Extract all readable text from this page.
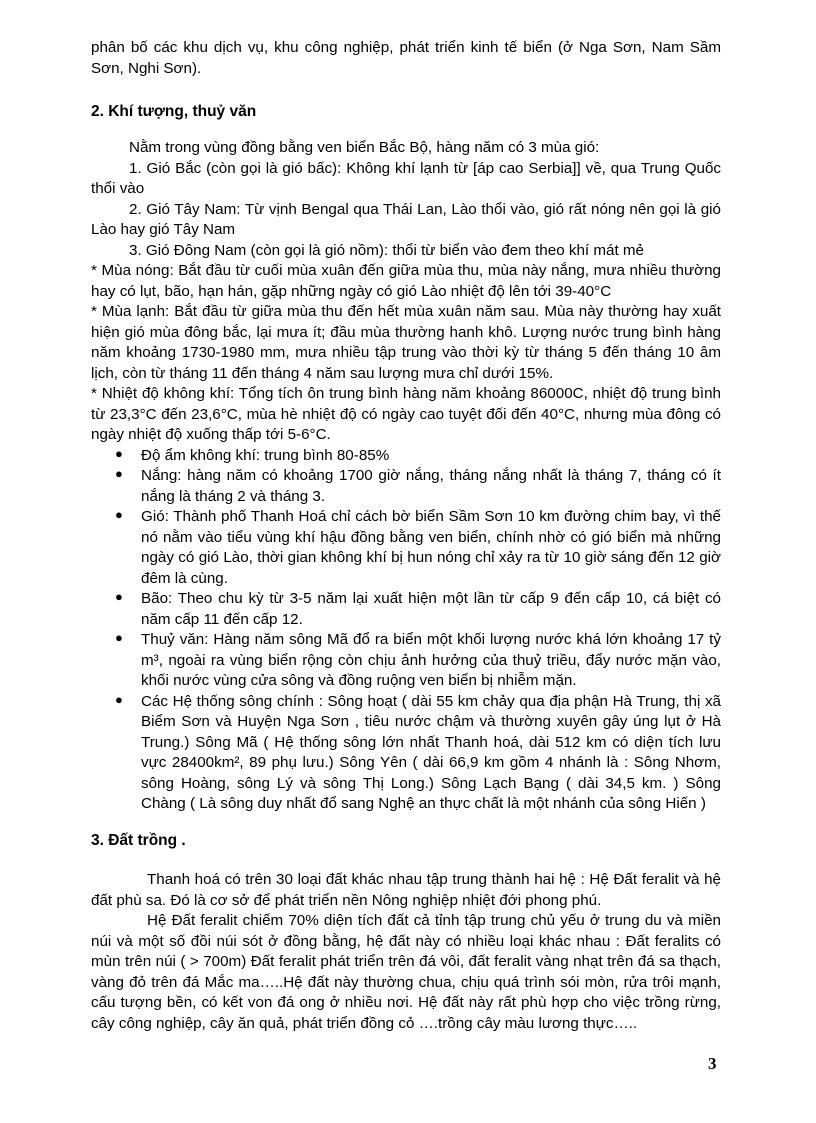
phân bố các khu dịch vụ, khu công nghiệp, phát triển kinh tế biển (ở Nga Sơn, Nam Sầm Sơn, Nghi Sơn).

2. Khí tượng, thuỷ văn

Nằm trong vùng đồng bằng ven biển Bắc Bộ, hàng năm có 3 mùa gió:

1. Gió Bắc (còn gọi là gió bấc): Không khí lạnh từ [áp cao Serbia]] về, qua Trung Quốc thổi vào

2. Gió Tây Nam: Từ vịnh Bengal qua Thái Lan, Lào thổi vào, gió rất nóng nên gọi là gió Lào hay gió Tây Nam

3. Gió Đông Nam (còn gọi là gió nồm): thổi từ biển vào đem theo khí mát mẻ

* Mùa nóng: Bắt đầu từ cuối mùa xuân đến giữa mùa thu, mùa này nắng, mưa nhiều thường hay có lụt, bão, hạn hán, gặp những ngày có gió Lào nhiệt độ lên tới 39-40°C

* Mùa lạnh: Bắt đầu từ giữa mùa thu đến hết mùa xuân năm sau. Mùa này thường hay xuất hiện gió mùa đông bắc, lại mưa ít; đầu mùa thường hanh khô. Lượng nước trung bình hàng năm khoảng 1730-1980 mm, mưa nhiều tập trung vào thời kỳ từ tháng 5 đến tháng 10 âm lịch, còn từ tháng 11 đến tháng 4 năm sau lượng mưa chỉ dưới 15%.

* Nhiệt độ không khí: Tổng tích ôn trung bình hàng năm khoảng 86000C, nhiệt độ trung bình từ 23,3°C đến 23,6°C, mùa hè nhiệt độ có ngày cao tuyệt đối đến 40°C, nhưng mùa đông có ngày nhiệt độ xuống thấp tới 5-6°C.

● Độ ẩm không khí: trung bình 80-85%

● Nắng: hàng năm có khoảng 1700 giờ nắng, tháng nắng nhất là tháng 7, tháng có ít nắng là tháng 2 và tháng 3.

● Gió: Thành phố Thanh Hoá chỉ cách bờ biển Sầm Sơn 10 km đường chim bay, vì thế nó nằm vào tiểu vùng khí hậu đồng bằng ven biển, chính nhờ có gió biển mà những ngày có gió Lào, thời gian không khí bị hun nóng chỉ xảy ra từ 10 giờ sáng đến 12 giờ đêm là cùng.

● Bão: Theo chu kỳ từ 3-5 năm lại xuất hiện một lần từ cấp 9 đến cấp 10, cá biệt có năm cấp 11 đến cấp 12.

● Thuỷ văn: Hàng năm sông Mã đổ ra biển một khối lượng nước khá lớn khoảng 17 tỷ m³, ngoài ra vùng biển rộng còn chịu ảnh hưởng của thuỷ triều, đẩy nước mặn vào, khối nước vùng cửa sông và đồng ruộng ven biển bị nhiễm mặn.

● Các Hệ thống sông chính : Sông hoạt ( dài 55 km chảy qua địa phận Hà Trung, thị xã Biểm Sơn và Huyện Nga Sơn , tiêu nước chậm và thường xuyên gây úng lụt ở Hà Trung.) Sông Mã ( Hệ thống sông lớn nhất Thanh hoá, dài 512 km có diện tích lưu vực 28400km², 89 phụ lưu.) Sông Yên ( dài 66,9 km gồm 4 nhánh là : Sông Nhơm, sông Hoàng, sông Lý và sông Thị Long.) Sông Lạch Bạng ( dài 34,5 km. ) Sông Chàng ( Là sông duy nhất đổ sang Nghệ an thực chất là một nhánh của sông Hiến )

3. Đất trồng .

Thanh hoá có trên 30 loại đất khác nhau tập trung thành hai hệ : Hệ Đất feralit và hệ đất phù sa. Đó là cơ sở để phát triển nền Nông nghiệp nhiệt đới phong phú.

Hệ Đất feralit chiếm 70% diện tích đất cả tỉnh tập trung chủ yếu ở trung du và miền núi và một số đồi núi sót ở đồng bằng, hệ đất này có nhiều loại khác nhau : Đất feralits có mùn trên núi ( > 700m) Đất feralit phát triển trên đá vôi, đất feralit vàng nhạt trên đá sa thạch, vàng đỏ trên đá Mắc ma…..Hệ đất này thường chua, chịu quá trình sói mòn, rửa trôi mạnh, cấu tượng bền, có kết von đá ong ở nhiều nơi. Hệ đất này rất phù hợp cho việc trồng rừng, cây công nghiệp, cây ăn quả, phát triển đồng cỏ ….trồng cây màu lương thực…..

3
